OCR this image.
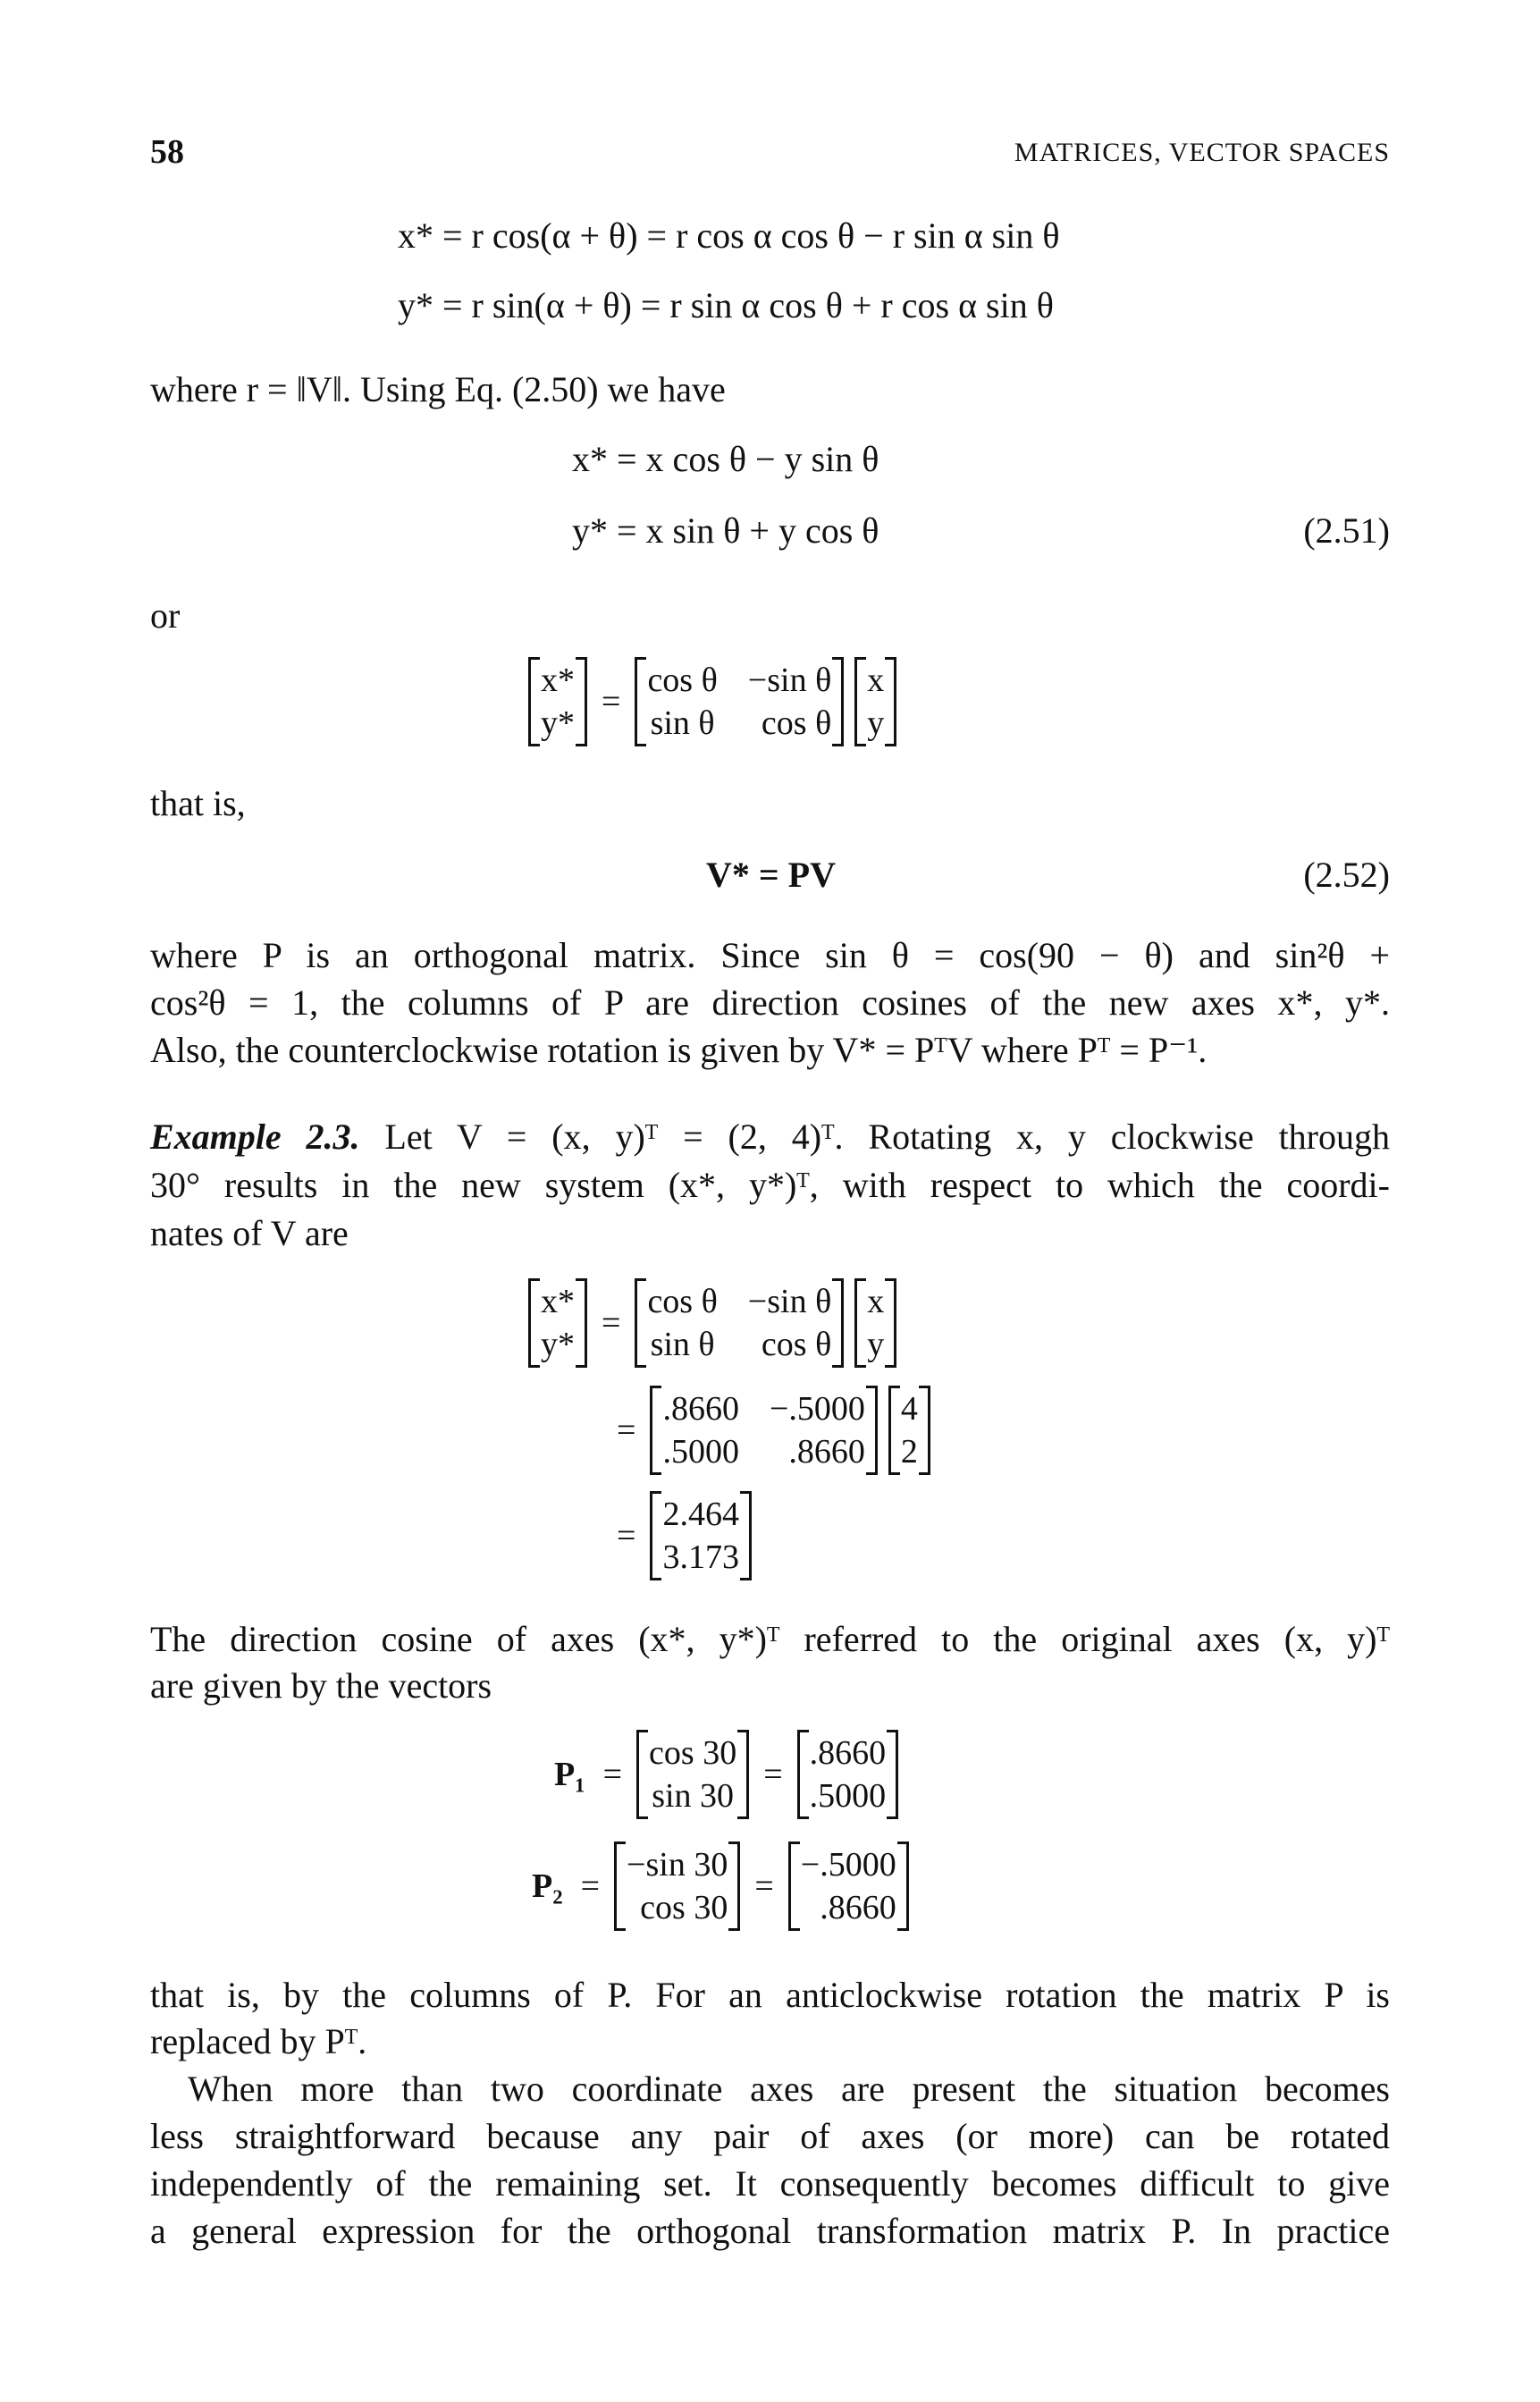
58	MATRICES, VECTOR SPACES
x* = r cos(α + θ) = r cos α cos θ − r sin α sin θ
y* = r sin(α + θ) = r sin α cos θ + r cos α sin θ
where r = ‖V‖. Using Eq. (2.50) we have
x* = x cos θ − y sin θ
y* = x sin θ + y cos θ	(2.51)
or
x*
y*
=
cos θ −sin θ
sin θ	cos θ
x
y
that is,
V* = PV	(2.52)
where P is an orthogonal matrix. Since sin θ = cos(90 − θ) and sin²θ +
cos²θ = 1, the columns of P are direction cosines of the new axes x*, y*.
Also, the counterclockwise rotation is given by V* = PᵀV where Pᵀ = P⁻¹.
Example 2.3. Let V = (x, y)ᵀ = (2, 4)ᵀ. Rotating x, y clockwise through
30° results in the new system (x*, y*)ᵀ, with respect to which the coordi-
nates of V are
x*
y*
=
cos θ −sin θ
sin θ	cos θ
x
y
=
.8660 −.5000
.5000	.8660
4
2
=
2.464
3.173
The direction cosine of axes (x*, y*)ᵀ referred to the original axes (x, y)ᵀ
are given by the vectors
P₁ =
cos 30
sin 30
=
.8660
.5000
P₂ =
−sin 30
cos 30
=
−.5000
.8660
that is, by the columns of P. For an anticlockwise rotation the matrix P is
replaced by Pᵀ.
When more than two coordinate axes are present the situation becomes
less straightforward because any pair of axes (or more) can be rotated
independently of the remaining set. It consequently becomes difficult to give
a general expression for the orthogonal transformation matrix P. In practice
